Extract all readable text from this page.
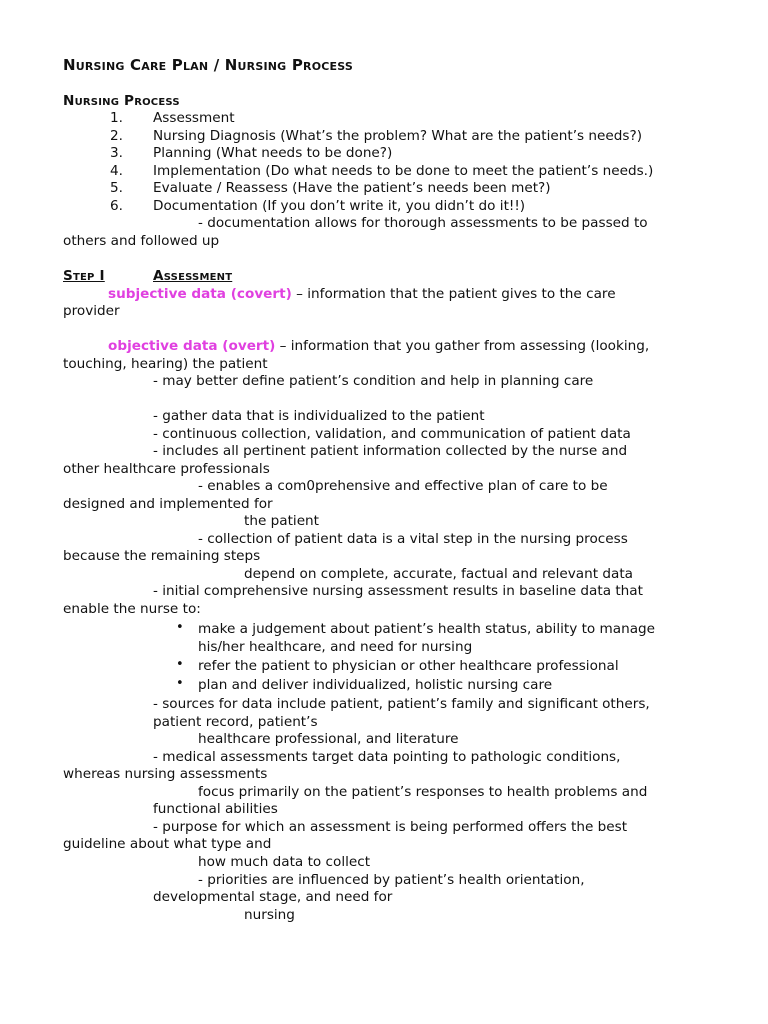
Nursing Care Plan / Nursing Process
Nursing Process
1. Assessment
2. Nursing Diagnosis (What’s the problem? What are the patient’s needs?)
3. Planning (What needs to be done?)
4. Implementation (Do what needs to be done to meet the patient’s needs.)
5. Evaluate / Reassess (Have the patient’s needs been met?)
6. Documentation (If you don’t write it, you didn’t do it!!)
- documentation allows for thorough assessments to be passed to
others and followed up
Step I	Assessment
subjective data (covert) – information that the patient gives to the care
provider
objective data (overt) – information that you gather from assessing (looking,
touching, hearing) the patient
- may better define patient’s condition and help in planning care
- gather data that is individualized to the patient
- continuous collection, validation, and communication of patient data
- includes all pertinent patient information collected by the nurse and
other healthcare professionals
- enables a com0prehensive and effective plan of care to be
designed and implemented for
the patient
- collection of patient data is a vital step in the nursing process
because the remaining steps
depend on complete, accurate, factual and relevant data
- initial comprehensive nursing assessment results in baseline data that
enable the nurse to:
• make a judgement about patient’s health status, ability to manage
his/her healthcare, and need for nursing
• refer the patient to physician or other healthcare professional
• plan and deliver individualized, holistic nursing care
- sources for data include patient, patient’s family and significant others,
patient record, patient’s
healthcare professional, and literature
- medical assessments target data pointing to pathologic conditions,
whereas nursing assessments
focus primarily on the patient’s responses to health problems and
functional abilities
- purpose for which an assessment is being performed offers the best
guideline about what type and
how much data to collect
- priorities are influenced by patient’s health orientation,
developmental stage, and need for
nursing
